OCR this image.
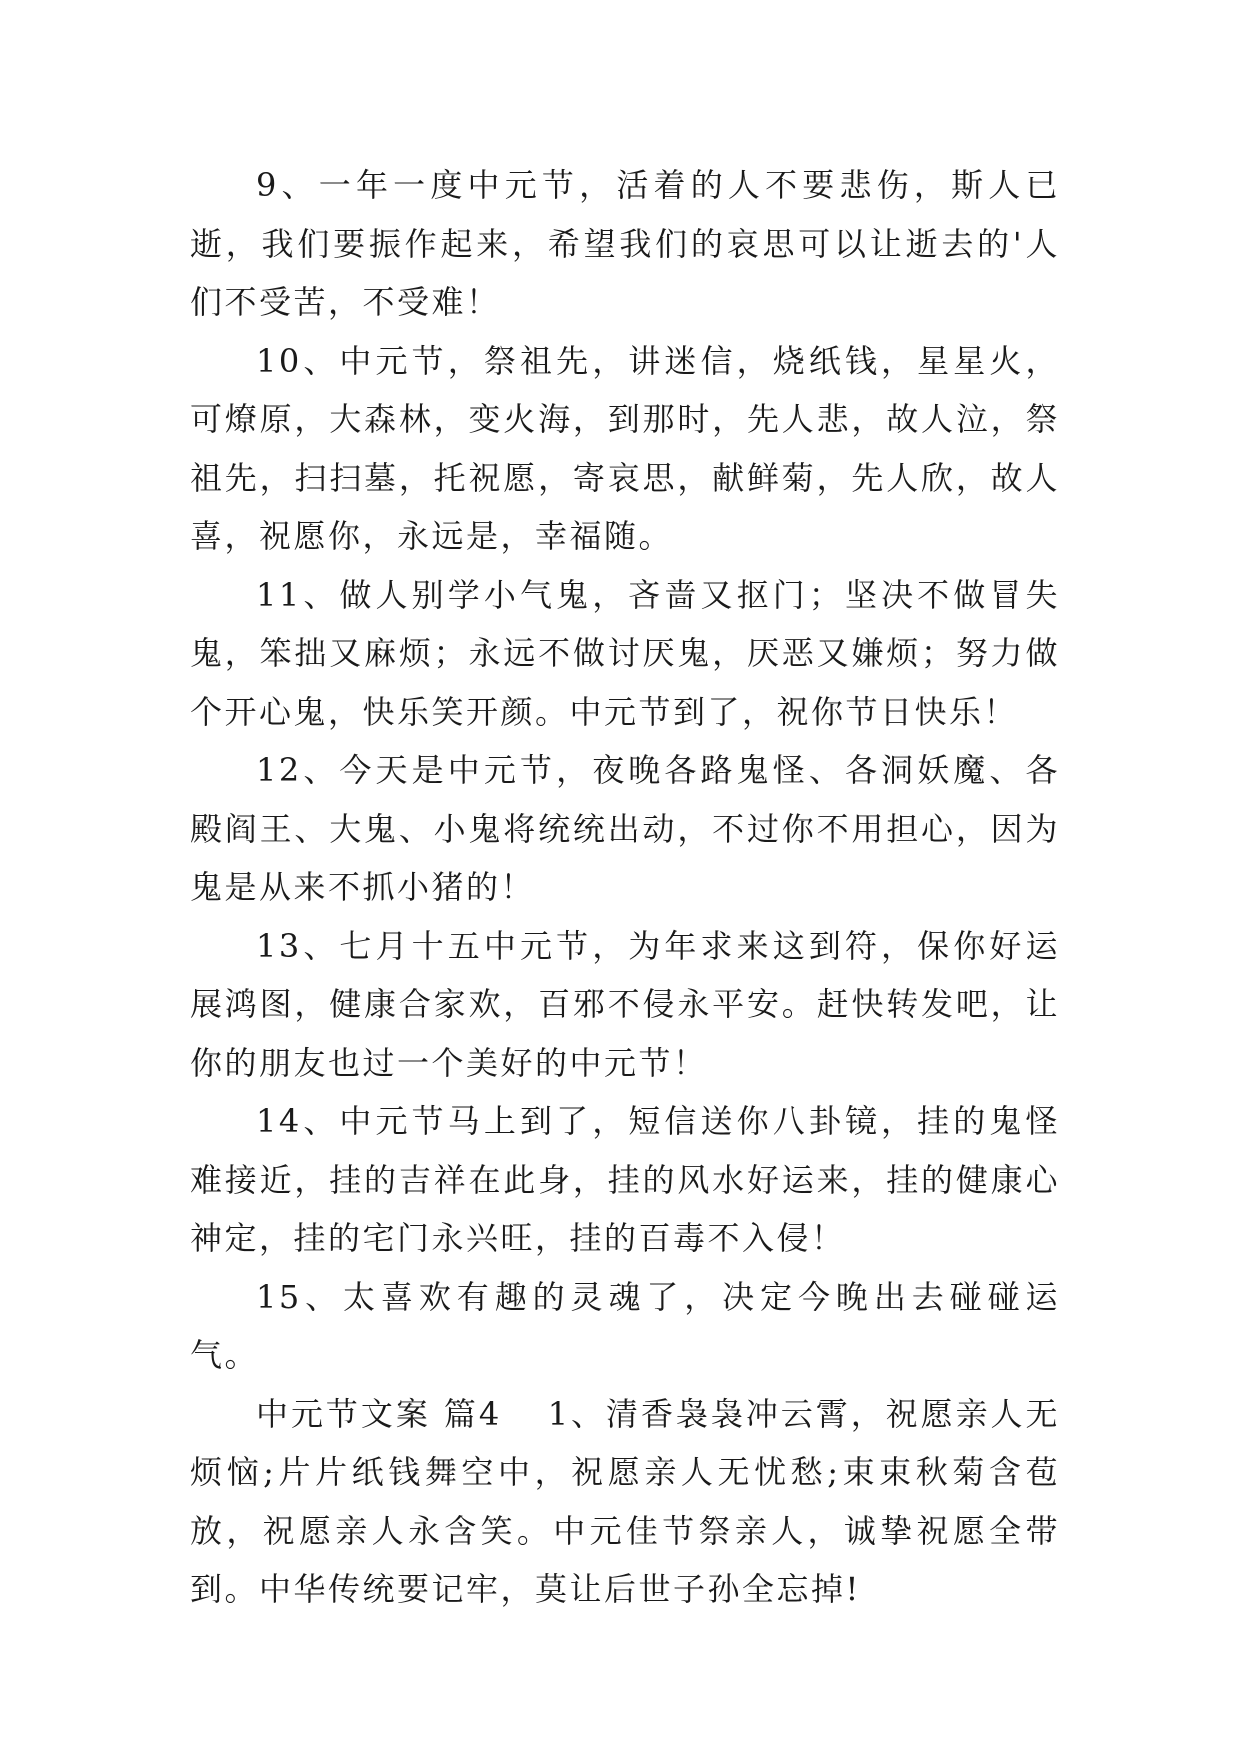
9、一年一度中元节，活着的人不要悲伤，斯人已逝，我们要振作起来，希望我们的哀思可以让逝去的'人们不受苦，不受难！

10、中元节，祭祖先，讲迷信，烧纸钱，星星火，可燎原，大森林，变火海，到那时，先人悲，故人泣，祭祖先，扫扫墓，托祝愿，寄哀思，献鲜菊，先人欣，故人喜，祝愿你，永远是，幸福随。

11、做人别学小气鬼，吝啬又抠门；坚决不做冒失鬼，笨拙又麻烦；永远不做讨厌鬼，厌恶又嫌烦；努力做个开心鬼，快乐笑开颜。中元节到了，祝你节日快乐！

12、今天是中元节，夜晚各路鬼怪、各洞妖魔、各殿阎王、大鬼、小鬼将统统出动，不过你不用担心，因为鬼是从来不抓小猪的！

13、七月十五中元节，为年求来这到符，保你好运展鸿图，健康合家欢，百邪不侵永平安。赶快转发吧，让你的朋友也过一个美好的中元节！

14、中元节马上到了，短信送你八卦镜，挂的鬼怪难接近，挂的吉祥在此身，挂的风水好运来，挂的健康心神定，挂的宅门永兴旺，挂的百毒不入侵！

15、太喜欢有趣的灵魂了，决定今晚出去碰碰运气。

中元节文案 篇4 1、清香袅袅冲云霄，祝愿亲人无烦恼;片片纸钱舞空中，祝愿亲人无忧愁;束束秋菊含苞放，祝愿亲人永含笑。中元佳节祭亲人，诚挚祝愿全带到。中华传统要记牢，莫让后世子孙全忘掉!
